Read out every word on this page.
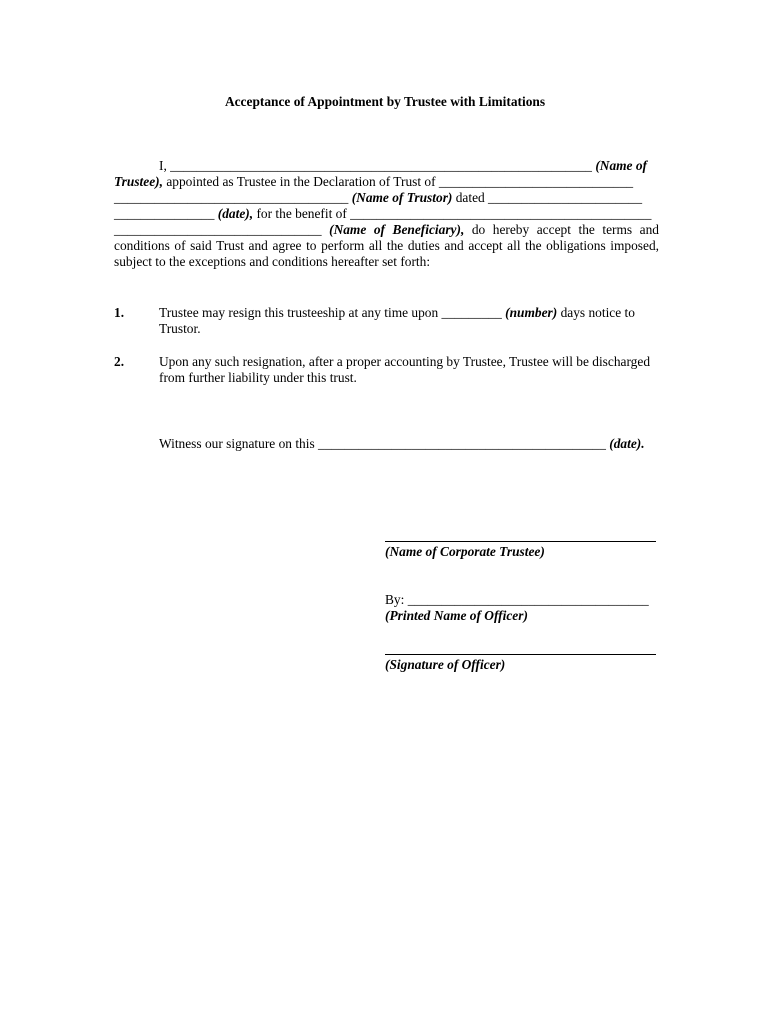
Acceptance of Appointment by Trustee with Limitations
I, _______________________________________________________________ (Name of
Trustee), appointed as Trustee in the Declaration of Trust of _____________________________
___________________________________ (Name of Trustor) dated _______________________
_______________ (date), for the benefit of _____________________________________________
_______________________________ (Name of Beneficiary), do hereby accept the terms and conditions of said Trust and agree to perform all the duties and accept all the obligations imposed, subject to the exceptions and conditions hereafter set forth:
1.	Trustee may resign this trusteeship at any time upon _________ (number) days notice to Trustor.
2.	Upon any such resignation, after a proper accounting by Trustee, Trustee will be discharged from further liability under this trust.
Witness our signature on this ___________________________________________ (date).
(Name of Corporate Trustee)
By: ____________________________________
(Printed Name of Officer)
(Signature of Officer)
